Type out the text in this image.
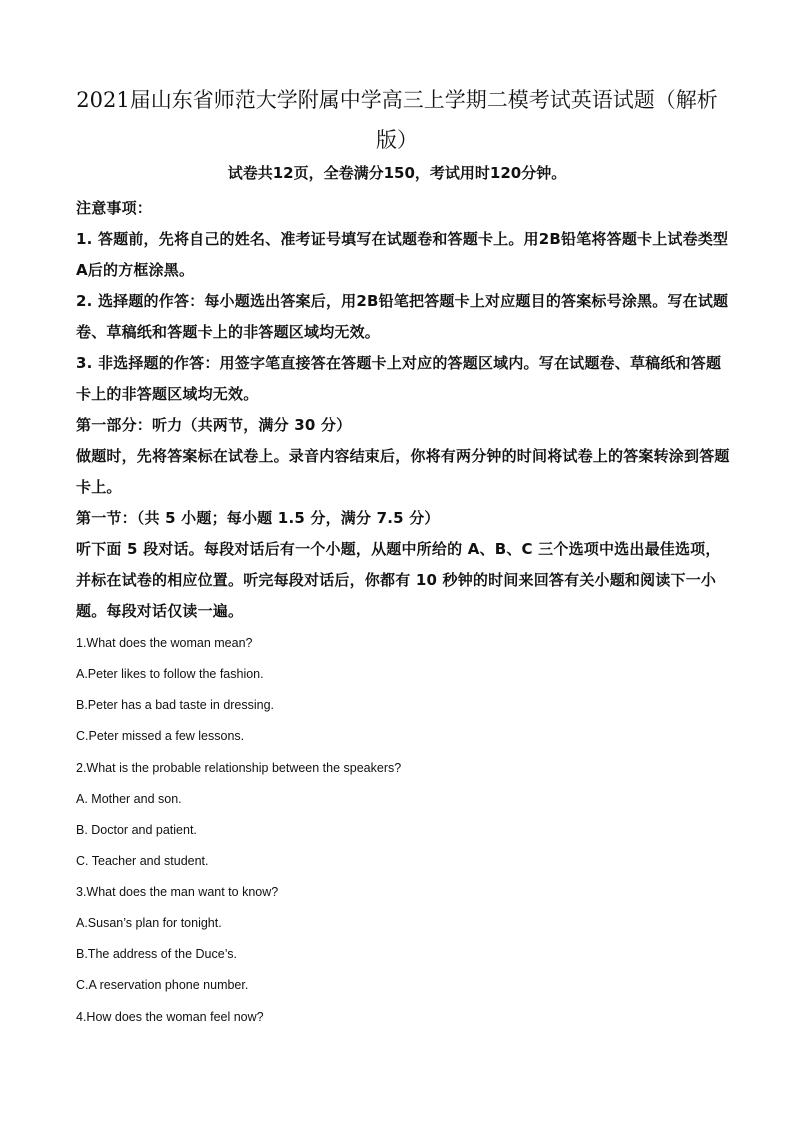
2021届山东省师范大学附属中学高三上学期二模考试英语试题（解析版）
试卷共12页，全卷满分150，考试用时120分钟。

注意事项：

1. 答题前，先将自己的姓名、准考证号填写在试题卷和答题卡上。用2B铅笔将答题卡上试卷类型A后的方框涂黑。

2. 选择题的作答：每小题选出答案后，用2B铅笔把答题卡上对应题目的答案标号涂黑。写在试题卷、草稿纸和答题卡上的非答题区域均无效。

3. 非选择题的作答：用签字笔直接答在答题卡上对应的答题区域内。写在试题卷、草稿纸和答题卡上的非答题区域均无效。

第一部分：听力（共两节，满分 30 分）

做题时，先将答案标在试卷上。录音内容结束后，你将有两分钟的时间将试卷上的答案转涂到答题卡上。

第一节：（共 5 小题；每小题 1.5 分，满分 7.5 分）

听下面 5 段对话。每段对话后有一个小题，从题中所给的 A、B、C 三个选项中选出最佳选项， 并标在试卷的相应位置。听完每段对话后，你都有 10 秒钟的时间来回答有关小题和阅读下一小题。每段对话仅读一遍。

1.What does the woman mean?

A.Peter likes to follow the fashion.

B.Peter has a bad taste in dressing.

C.Peter missed a few lessons.

2.What is the probable relationship between the speakers?

A. Mother and son.

B. Doctor and patient.

C. Teacher and student.

3.What does the man want to know?

A.Susan’s plan for tonight.

B.The address of the Duce’s.

C.A reservation phone number.

4.How does the woman feel now?
